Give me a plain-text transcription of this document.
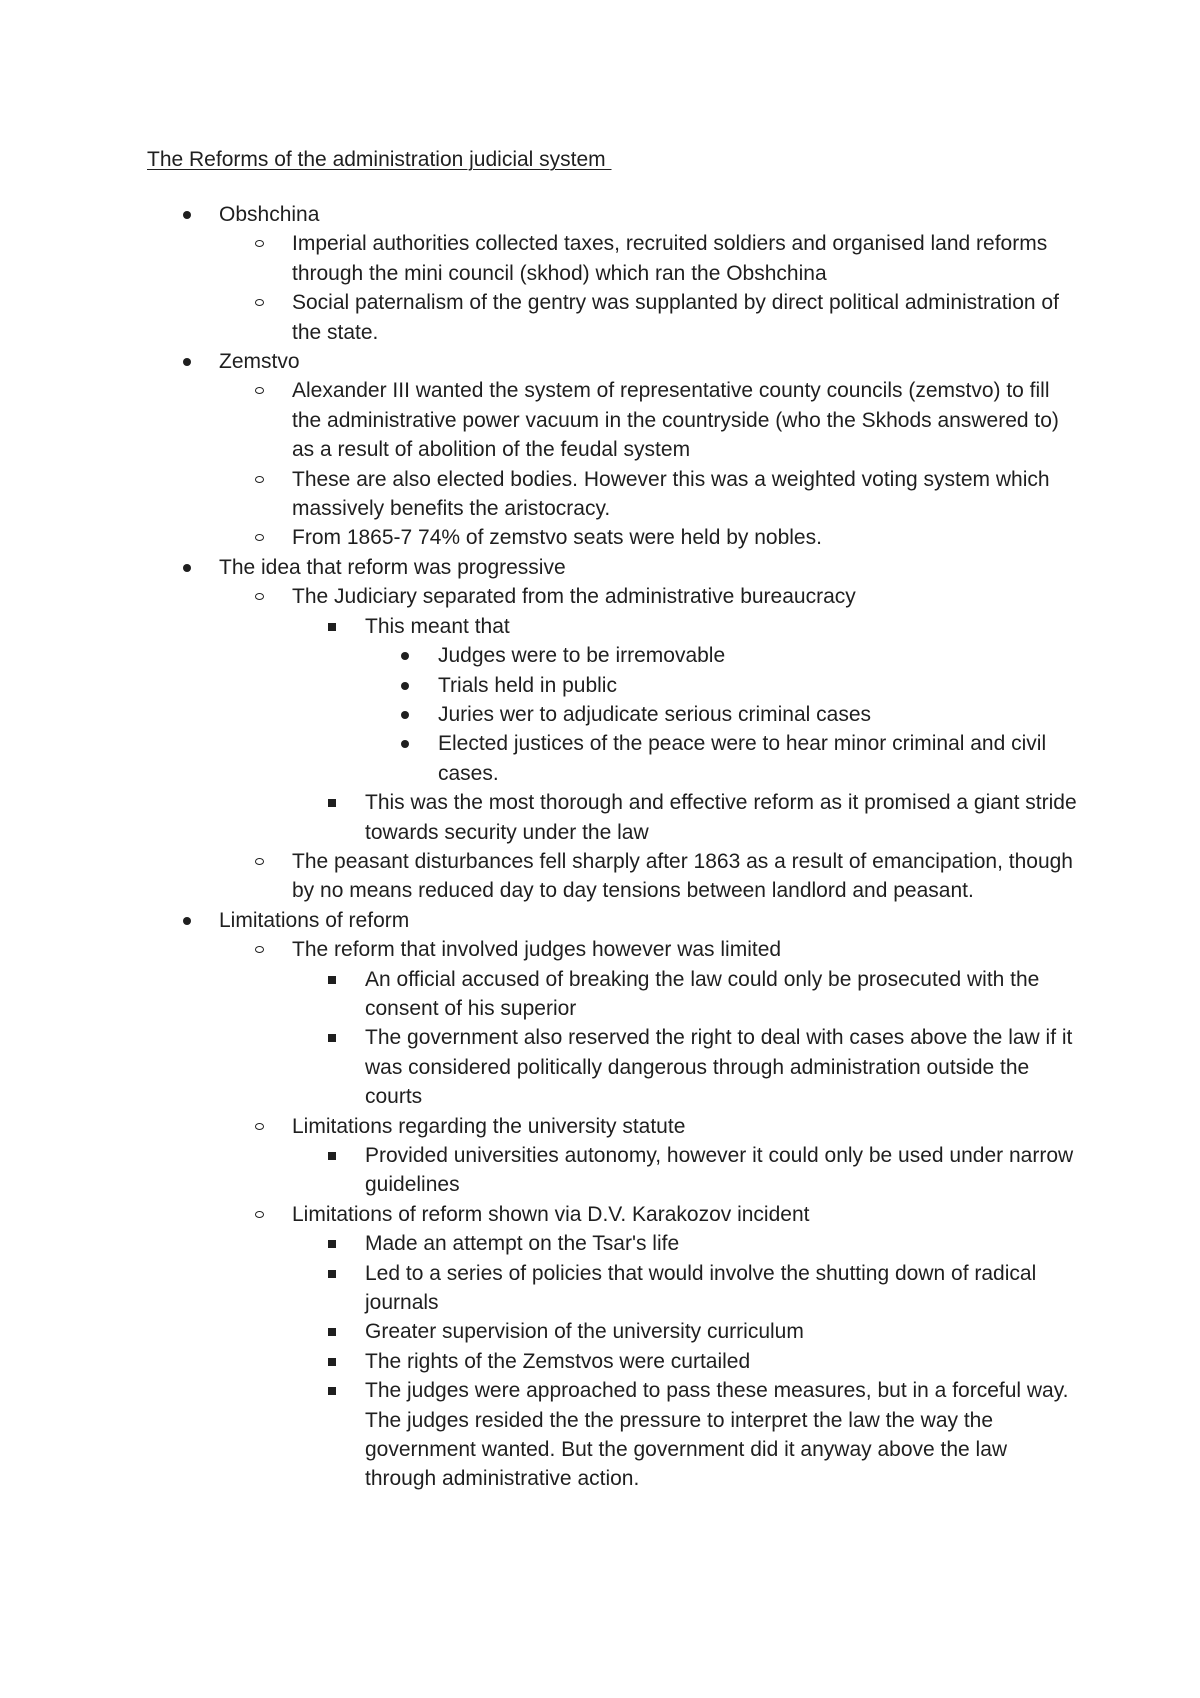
The Reforms of the administration judicial system
Obshchina
Imperial authorities collected taxes, recruited soldiers and organised land reforms through the mini council (skhod) which ran the Obshchina
Social paternalism of the gentry was supplanted by direct political administration of the state.
Zemstvo
Alexander III wanted the system of representative county councils (zemstvo) to fill the administrative power vacuum in the countryside (who the Skhods answered to) as a result of abolition of the feudal system
These are also elected bodies. However this was a weighted voting system which massively benefits the aristocracy.
From 1865-7 74% of zemstvo seats were held by nobles.
The idea that reform was progressive
The Judiciary separated from the administrative bureaucracy
This meant that
Judges were to be irremovable
Trials held in public
Juries wer to adjudicate serious criminal cases
Elected justices of the peace were to hear minor criminal and civil cases.
This was the most thorough and effective reform as it promised a giant stride towards security under the law
The peasant disturbances fell sharply after 1863 as a result of emancipation, though by no means reduced day to day tensions between landlord and peasant.
Limitations of reform
The reform that involved judges however was limited
An official accused of breaking the law could only be prosecuted with the consent of his superior
The government also reserved the right to deal with cases above the law if it was considered politically dangerous through administration outside the courts
Limitations regarding the university statute
Provided universities autonomy, however it could only be used under narrow guidelines
Limitations of reform shown via D.V. Karakozov incident
Made an attempt on the Tsar's life
Led to a series of policies that would involve the shutting down of radical journals
Greater supervision of the university curriculum
The rights of the Zemstvos were curtailed
The judges were approached to pass these measures, but in a forceful way. The judges resided the the pressure to interpret the law the way the government wanted. But the government did it anyway above the law through administrative action.
